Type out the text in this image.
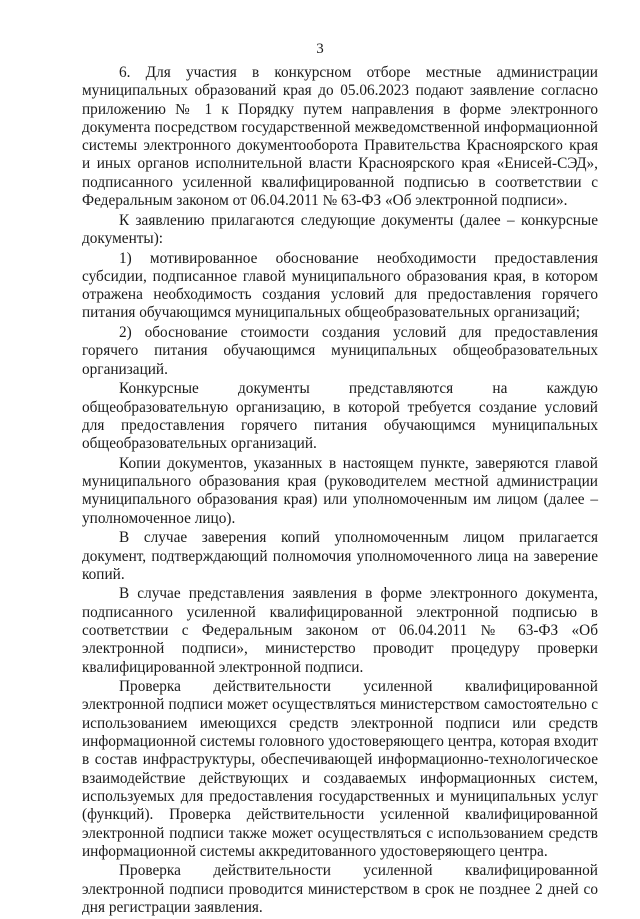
3

6. Для участия в конкурсном отборе местные администрации муниципальных образований края до 05.06.2023 подают заявление согласно приложению № 1 к Порядку путем направления в форме электронного документа посредством государственной межведомственной информационной системы электронного документооборота Правительства Красноярского края и иных органов исполнительной власти Красноярского края «Енисей-СЭД», подписанного усиленной квалифицированной подписью в соответствии с Федеральным законом от 06.04.2011 № 63-ФЗ «Об электронной подписи».

К заявлению прилагаются следующие документы (далее – конкурсные документы):

1) мотивированное обоснование необходимости предоставления субсидии, подписанное главой муниципального образования края, в котором отражена необходимость создания условий для предоставления горячего питания обучающимся муниципальных общеобразовательных организаций;

2) обоснование стоимости создания условий для предоставления горячего питания обучающимся муниципальных общеобразовательных организаций.

Конкурсные документы представляются на каждую общеобразовательную организацию, в которой требуется создание условий для предоставления горячего питания обучающимся муниципальных общеобразовательных организаций.

Копии документов, указанных в настоящем пункте, заверяются главой муниципального образования края (руководителем местной администрации муниципального образования края) или уполномоченным им лицом (далее – уполномоченное лицо).

В случае заверения копий уполномоченным лицом прилагается документ, подтверждающий полномочия уполномоченного лица на заверение копий.

В случае представления заявления в форме электронного документа, подписанного усиленной квалифицированной электронной подписью в соответствии с Федеральным законом от 06.04.2011 № 63-ФЗ «Об электронной подписи», министерство проводит процедуру проверки квалифицированной электронной подписи.

Проверка действительности усиленной квалифицированной электронной подписи может осуществляться министерством самостоятельно с использованием имеющихся средств электронной подписи или средств информационной системы головного удостоверяющего центра, которая входит в состав инфраструктуры, обеспечивающей информационно-технологическое взаимодействие действующих и создаваемых информационных систем, используемых для предоставления государственных и муниципальных услуг (функций). Проверка действительности усиленной квалифицированной электронной подписи также может осуществляться с использованием средств информационной системы аккредитованного удостоверяющего центра.

Проверка действительности усиленной квалифицированной электронной подписи проводится министерством в срок не позднее 2 дней со дня регистрации заявления.
